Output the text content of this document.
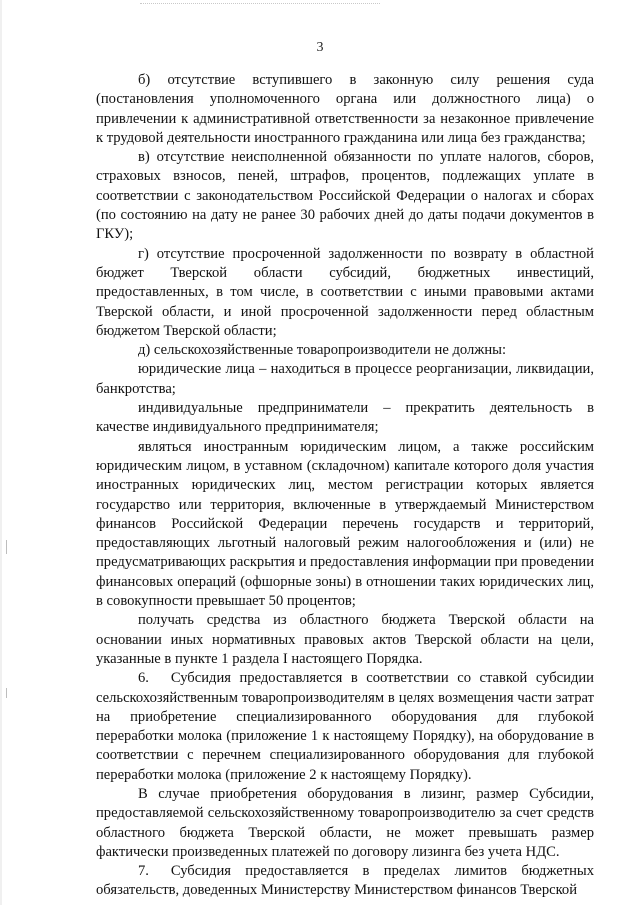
3

б) отсутствие вступившего в законную силу решения суда (постановления уполномоченного органа или должностного лица) о привлечении к административной ответственности за незаконное привлечение к трудовой деятельности иностранного гражданина или лица без гражданства;

в) отсутствие неисполненной обязанности по уплате налогов, сборов, страховых взносов, пеней, штрафов, процентов, подлежащих уплате в соответствии с законодательством Российской Федерации о налогах и сборах (по состоянию на дату не ранее 30 рабочих дней до даты подачи документов в ГКУ);

г) отсутствие просроченной задолженности по возврату в областной бюджет Тверской области субсидий, бюджетных инвестиций, предоставленных, в том числе, в соответствии с иными правовыми актами Тверской области, и иной просроченной задолженности перед областным бюджетом Тверской области;

д) сельскохозяйственные товаропроизводители не должны:

юридические лица – находиться в процессе реорганизации, ликвидации, банкротства;

индивидуальные предприниматели – прекратить деятельность в качестве индивидуального предпринимателя;

являться иностранным юридическим лицом, а также российским юридическим лицом, в уставном (складочном) капитале которого доля участия иностранных юридических лиц, местом регистрации которых является государство или территория, включенные в утверждаемый Министерством финансов Российской Федерации перечень государств и территорий, предоставляющих льготный налоговый режим налогообложения и (или) не предусматривающих раскрытия и предоставления информации при проведении финансовых операций (офшорные зоны) в отношении таких юридических лиц, в совокупности превышает 50 процентов;

получать средства из областного бюджета Тверской области на основании иных нормативных правовых актов Тверской области на цели, указанные в пункте 1 раздела I настоящего Порядка.

6.  Субсидия предоставляется в соответствии со ставкой субсидии сельскохозяйственным товаропроизводителям в целях возмещения части затрат на приобретение специализированного оборудования для глубокой переработки молока (приложение 1 к настоящему Порядку), на оборудование в соответствии с перечнем специализированного оборудования для глубокой переработки молока (приложение 2 к настоящему Порядку).

В случае приобретения оборудования в лизинг, размер Субсидии, предоставляемой сельскохозяйственному товаропроизводителю за счет средств областного бюджета Тверской области, не может превышать размер фактически произведенных платежей по договору лизинга без учета НДС.

7.  Субсидия предоставляется в пределах лимитов бюджетных обязательств, доведенных Министерству Министерством финансов Тверской
